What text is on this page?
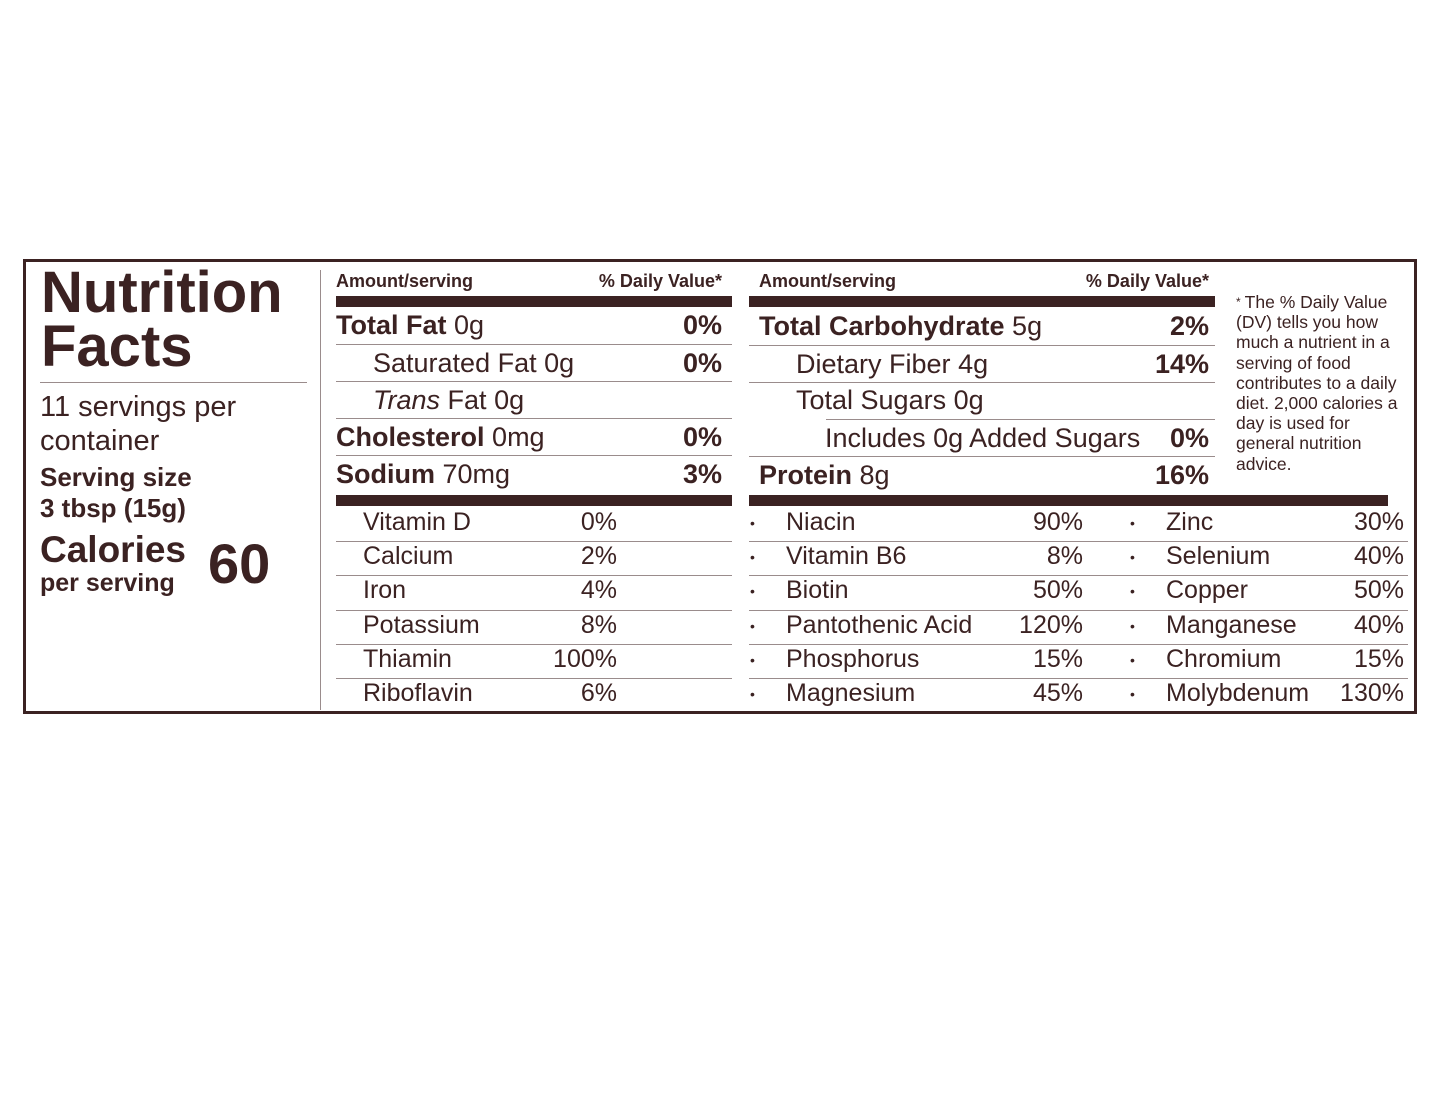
Nutrition
Facts
11 servings per container
Serving size
3 tbsp (15g)
Calories
per serving 60
Amount/serving	% Daily Value* Amount/serving	% Daily Value*
Total Fat 0g	0%
Saturated Fat 0g	0%
Trans Fat 0g
Cholesterol 0mg	0%
Sodium 70mg	3%
Total Carbohydrate 5g	2%
Dietary Fiber 4g	14%
Total Sugars 0g
Includes 0g Added Sugars 0%
Protein 8g	16%
* The % Daily Value (DV) tells you how much a nutrient in a serving of food contributes to a daily diet. 2,000 calories a day is used for general nutrition advice.
Vitamin D	0%	• Niacin	90%	• Zinc	30%
Calcium	2%	• Vitamin B6	8%	• Selenium	40%
Iron	4%	• Biotin	50%	• Copper	50%
Potassium	8%	• Pantothenic Acid 120%	• Manganese 40%
Thiamin	100%	• Phosphorus	15%	• Chromium	15%
Riboflavin	6%	• Magnesium	45%	• Molybdenum 130%
